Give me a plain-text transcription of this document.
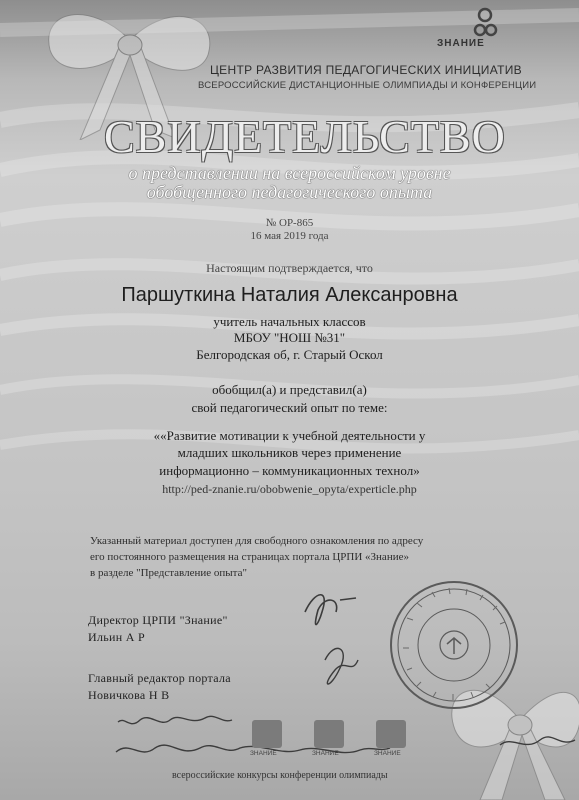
ЗНАНИЕ
ЦЕНТР РАЗВИТИЯ ПЕДАГОГИЧЕСКИХ ИНИЦИАТИВ
ВСЕРОССИЙСКИЕ ДИСТАНЦИОННЫЕ ОЛИМПИАДЫ И КОНФЕРЕНЦИИ
СВИДЕТЕЛЬСТВО
о представлении на всероссийском уровне
обобщенного педагогического опыта
№ ОР-865
16 мая 2019 года
Настоящим подтверждается, что
Паршуткина Наталия Алексанровна
учитель начальных классов
МБОУ "НОШ №31"
Белгородская об, г. Старый Оскол
обобщил(а) и представил(а)
свой педагогический опыт по теме:
««Развитие мотивации к учебной деятельности у
младших школьников через применение
информационно – коммуникационных технол»
http://ped-znanie.ru/obobwenie_opyta/experticle.php
Указанный материал доступен для свободного ознакомления по адресу
его постоянного размещения на страницах портала ЦРПИ «Знание»
в разделе "Представление опыта"
Директор ЦРПИ "Знание"
Ильин А Р
Главный редактор портала
Новичкова Н В
ЗНАНИЕ	ЗНАНИЕ	ЗНАНИЕ
всероссийские конкурсы конференции олимпиады
